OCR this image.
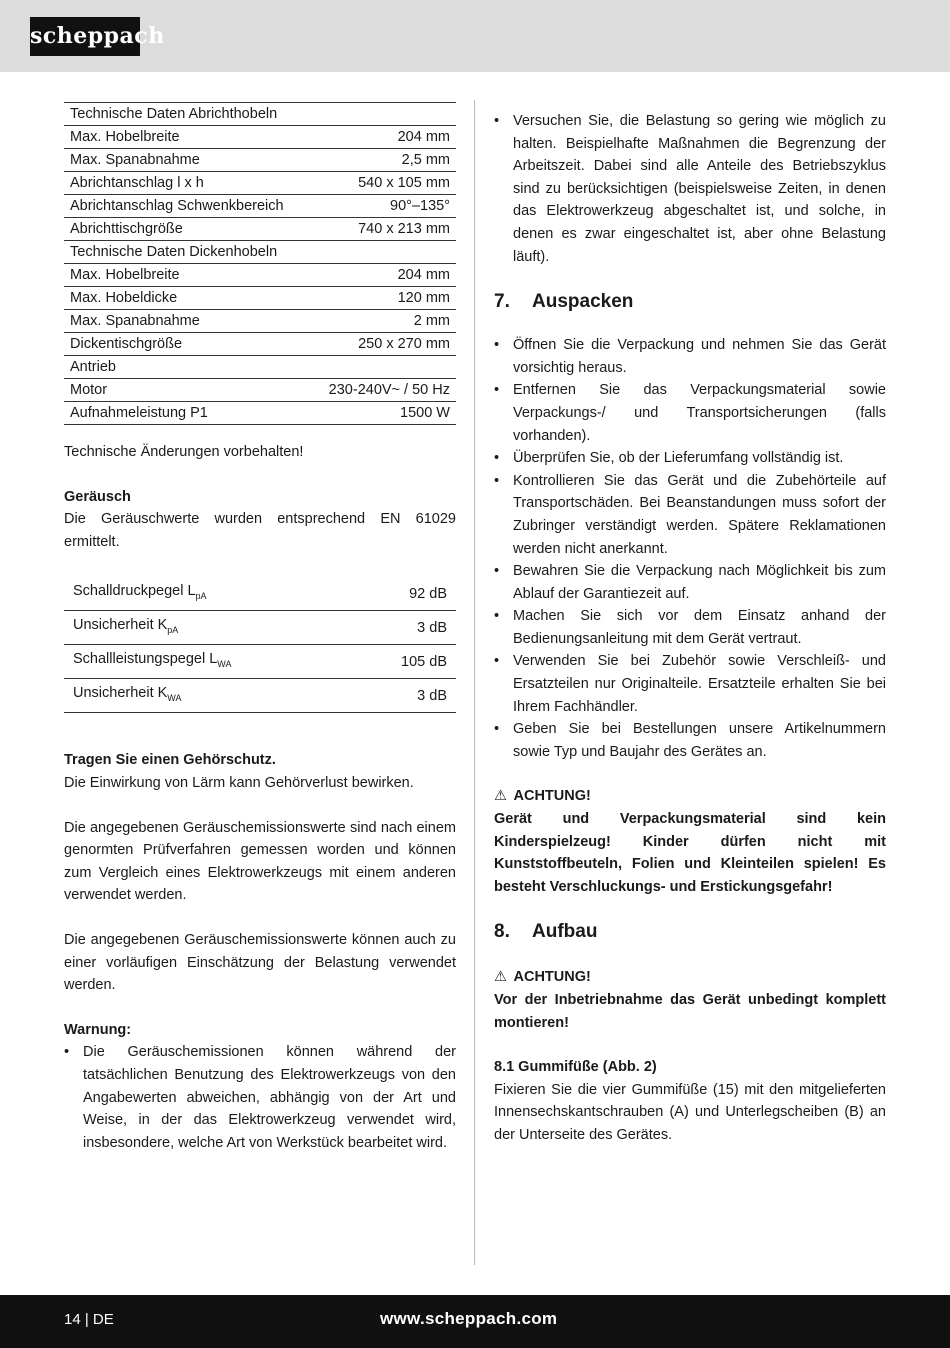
scheppach
Technische Daten Abrichthobeln	
Max. Hobelbreite	204 mm
Max. Spanabnahme	2,5 mm
Abrichtanschlag l x h	540 x 105 mm
Abrichtanschlag Schwenkbereich	90°–135°
Abrichttischgröße	740 x 213 mm
Technische Daten Dickenhobeln	
Max. Hobelbreite	204 mm
Max. Hobeldicke	120 mm
Max. Spanabnahme	2 mm
Dickentischgröße	250 x 270 mm
Antrieb	
Motor	230-240V~ / 50 Hz
Aufnahmeleistung P1	1500 W

Technische Änderungen vorbehalten!

Geräusch

Die Geräuschwerte wurden entsprechend EN 61029 ermittelt.

Schalldruckpegel $L_{pA}$	92 dB
Unsicherheit $K_{pA}$	3 dB
Schallleistungspegel $L_{WA}$	105 dB
Unsicherheit $K_{WA}$	3 dB

Tragen Sie einen Gehörschutz.

Die Einwirkung von Lärm kann Gehörverlust bewirken.

Die angegebenen Geräuschemissionswerte sind nach einem genormten Prüfverfahren gemessen worden und können zum Vergleich eines Elektrowerkzeugs mit einem anderen verwendet werden.

Die angegebenen Geräuschemissionswerte können auch zu einer vorläufigen Einschätzung der Belastung verwendet werden.

Warnung:

• Die Geräuschemissionen können während der tatsächlichen Benutzung des Elektrowerkzeugs von den Angabewerten abweichen, abhängig von der Art und Weise, in der das Elektrowerkzeug verwendet wird, insbesondere, welche Art von Werkstück bearbeitet wird.
• Versuchen Sie, die Belastung so gering wie möglich zu halten. Beispielhafte Maßnahmen die Begrenzung der Arbeitszeit. Dabei sind alle Anteile des Betriebszyklus sind zu berücksichtigen (beispielsweise Zeiten, in denen das Elektrowerkzeug abgeschaltet ist, und solche, in denen es zwar eingeschaltet ist, aber ohne Belastung läuft).
7. Auspacken
• Öffnen Sie die Verpackung und nehmen Sie das Gerät vorsichtig heraus.
• Entfernen Sie das Verpackungsmaterial sowie Verpackungs-/ und Transportsicherungen (falls vorhanden).
• Überprüfen Sie, ob der Lieferumfang vollständig ist.
• Kontrollieren Sie das Gerät und die Zubehörteile auf Transportschäden. Bei Beanstandungen muss sofort der Zubringer verständigt werden. Spätere Reklamationen werden nicht anerkannt.
• Bewahren Sie die Verpackung nach Möglichkeit bis zum Ablauf der Garantiezeit auf.
• Machen Sie sich vor dem Einsatz anhand der Bedienungsanleitung mit dem Gerät vertraut.
• Verwenden Sie bei Zubehör sowie Verschleiß- und Ersatzteilen nur Originalteile. Ersatzteile erhalten Sie bei Ihrem Fachhändler.
• Geben Sie bei Bestellungen unsere Artikelnummern sowie Typ und Baujahr des Gerätes an.

⚠ ACHTUNG!

Gerät und Verpackungsmaterial sind kein Kinderspielzeug! Kinder dürfen nicht mit Kunststoffbeuteln, Folien und Kleinteilen spielen! Es besteht Verschluckungs- und Erstickungsgefahr!

8. Aufbau

⚠ ACHTUNG!

Vor der Inbetriebnahme das Gerät unbedingt komplett montieren!

8.1 Gummifüße (Abb. 2)

Fixieren Sie die vier Gummifüße (15) mit den mitgelieferten Innensechskantschrauben (A) und Unterlegscheiben (B) an der Unterseite des Gerätes.

14 | DE	www.scheppach.com
